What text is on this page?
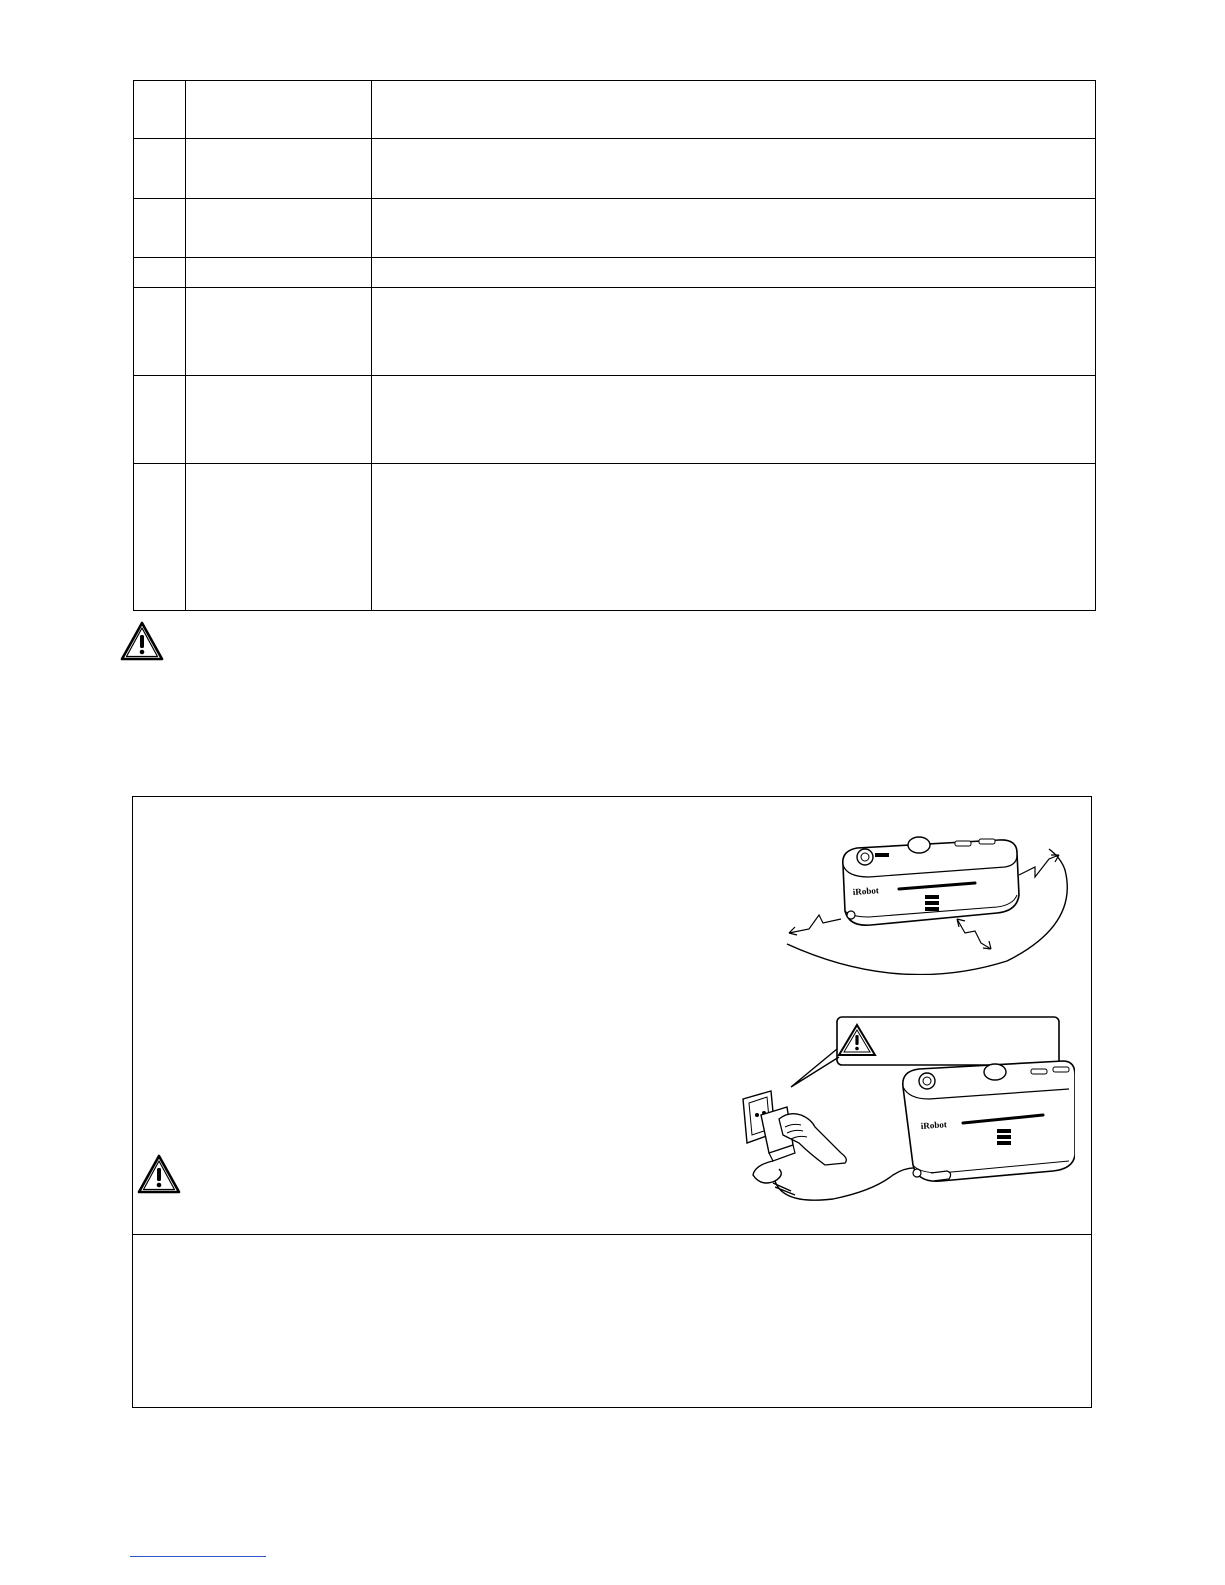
iRobot
iRobot
